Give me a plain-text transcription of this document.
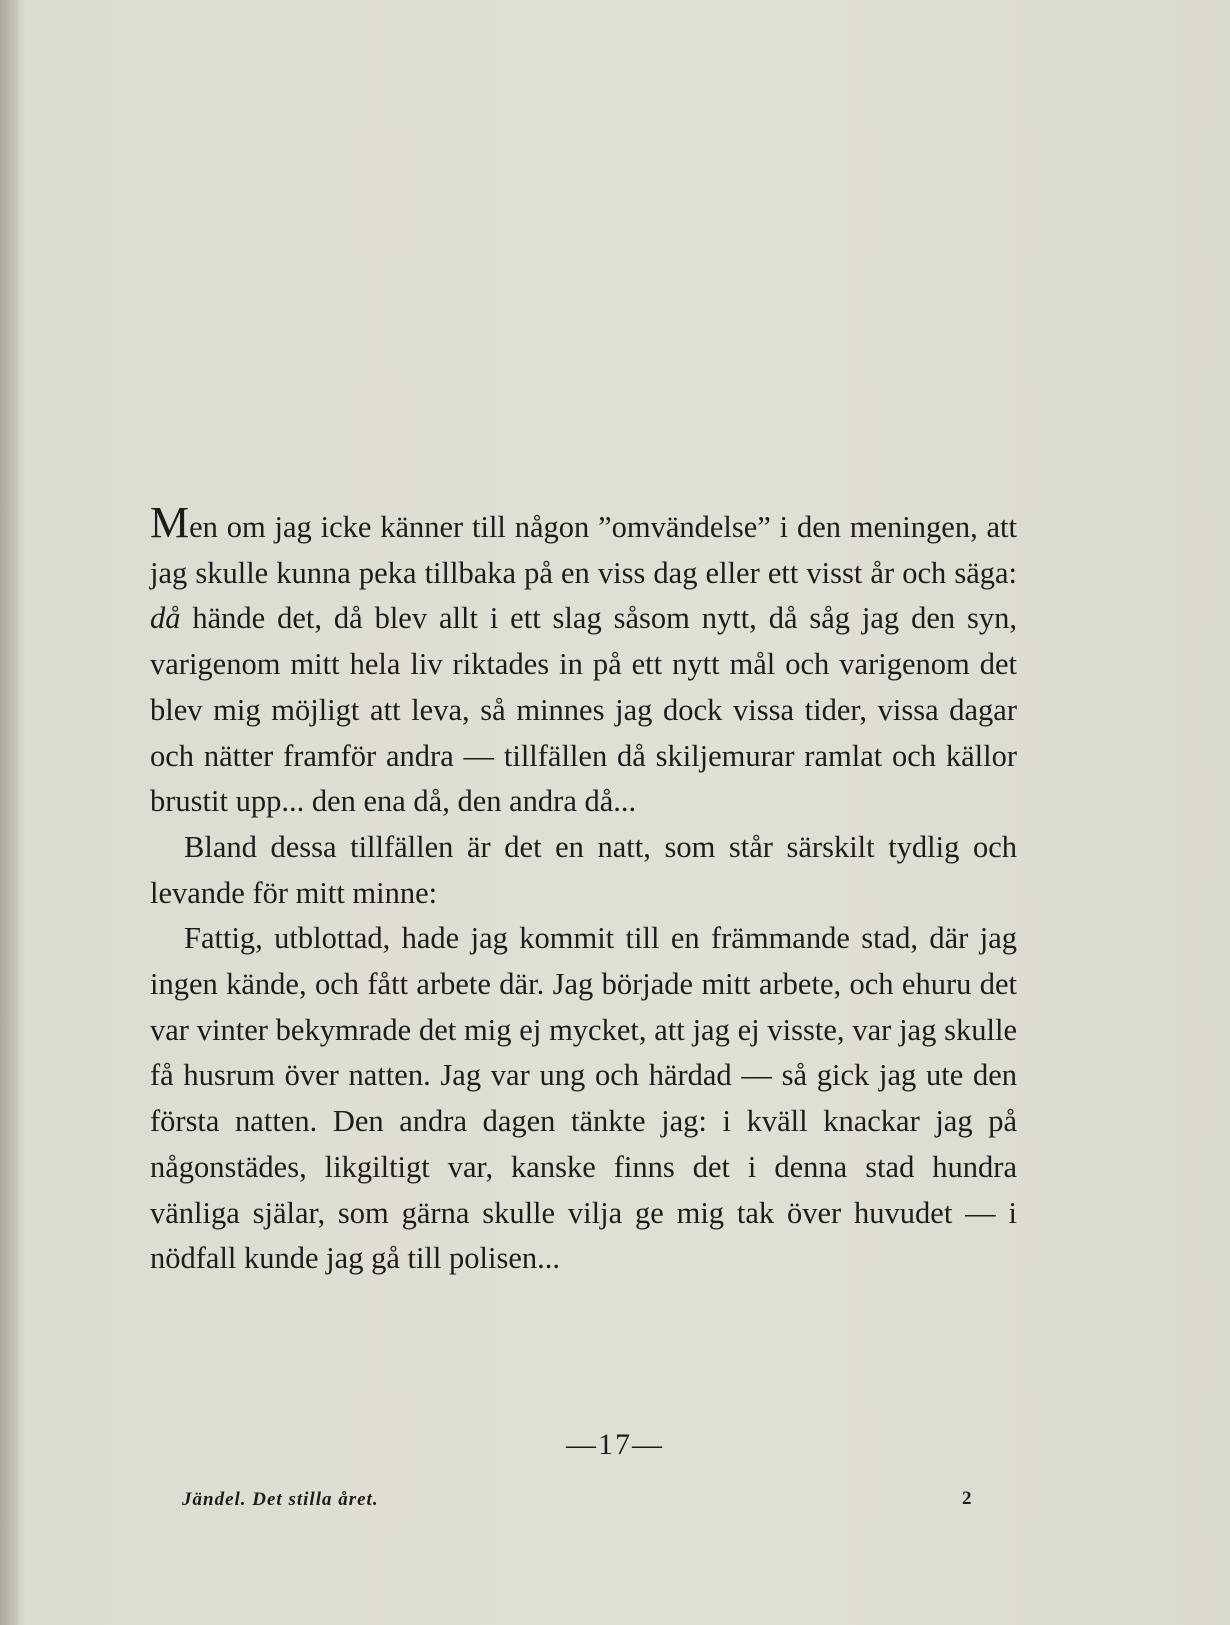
Men om jag icke känner till någon ”omvändelse” i den meningen, att jag skulle kunna peka tillbaka på en viss dag eller ett visst år och säga: då hände det, då blev allt i ett slag såsom nytt, då såg jag den syn, varigenom mitt hela liv riktades in på ett nytt mål och varigenom det blev mig möjligt att leva, så minnes jag dock vissa tider, vissa dagar och nätter framför andra — tillfällen då skiljemurar ramlat och källor brustit upp... den ena då, den andra då...

Bland dessa tillfällen är det en natt, som står särskilt tydlig och levande för mitt minne:

Fattig, utblottad, hade jag kommit till en främmande stad, där jag ingen kände, och fått arbete där. Jag började mitt arbete, och ehuru det var vinter bekymrade det mig ej mycket, att jag ej visste, var jag skulle få husrum över natten. Jag var ung och härdad — så gick jag ute den första natten. Den andra dagen tänkte jag: i kväll knackar jag på någonstädes, likgiltigt var, kanske finns det i denna stad hundra vänliga själar, som gärna skulle vilja ge mig tak över huvudet — i nödfall kunde jag gå till polisen...

—17—
Jändel. Det stilla året.	2
